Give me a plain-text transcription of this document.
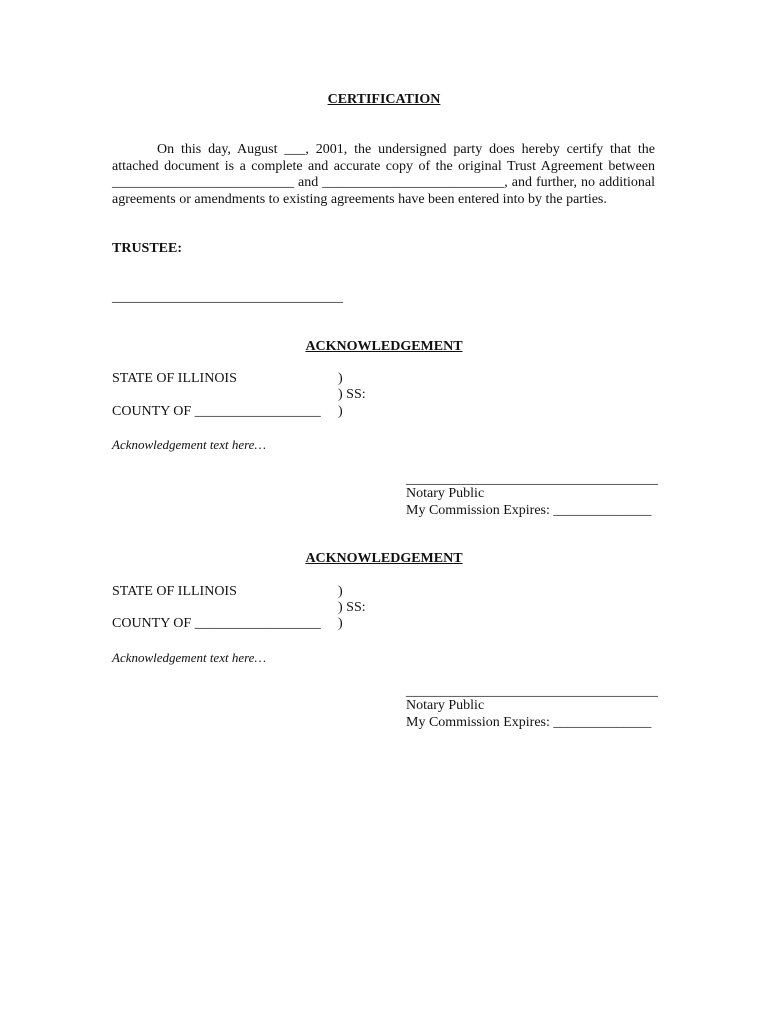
CERTIFICATION
On this day, August ___, 2001, the undersigned party does hereby certify that the
attached document is a complete and accurate copy of the original Trust Agreement between
__________________________ and __________________________, and further, no additional
agreements or amendments to existing agreements have been entered into by the parties.
TRUSTEE:
_________________________________
ACKNOWLEDGEMENT
STATE OF ILLINOIS	)
) SS:
COUNTY OF __________________ )
Acknowledgement text here…
____________________________________
Notary Public
My Commission Expires: ______________
ACKNOWLEDGEMENT
STATE OF ILLINOIS	)
) SS:
COUNTY OF __________________ )
Acknowledgement text here…
____________________________________
Notary Public
My Commission Expires: ______________
